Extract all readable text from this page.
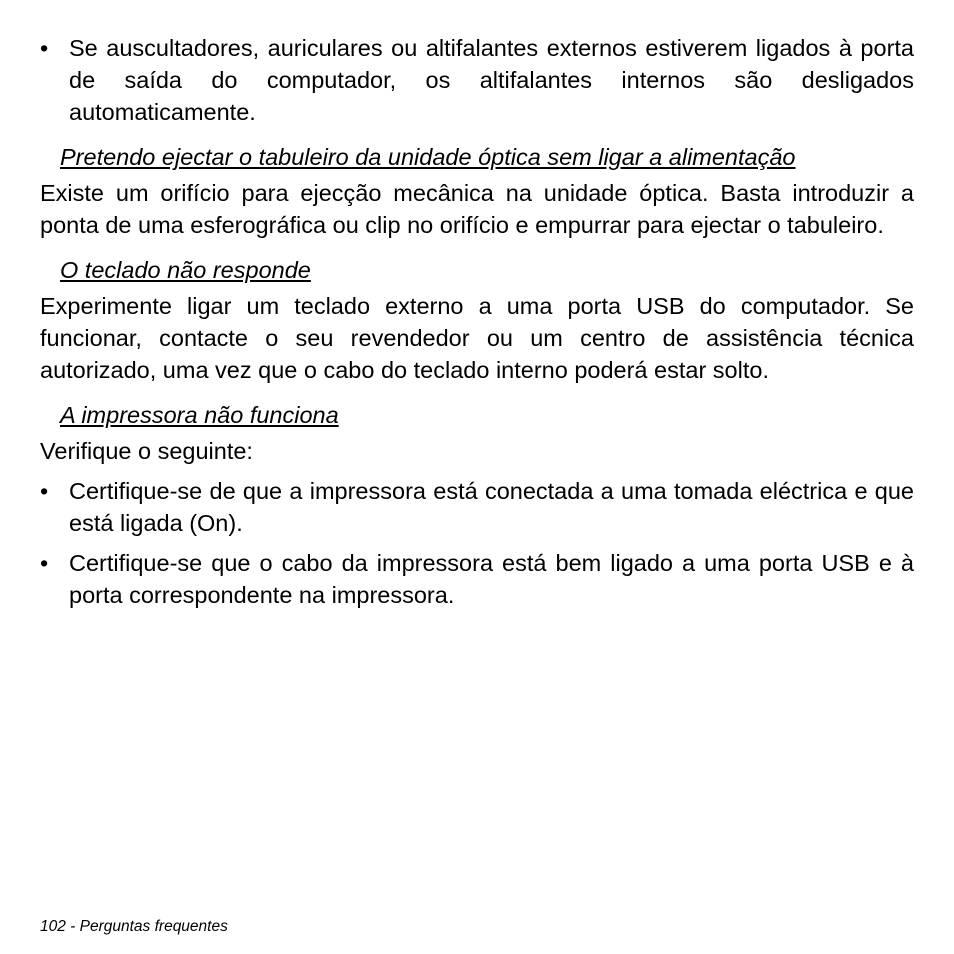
• Se auscultadores, auriculares ou altifalantes externos estiverem ligados à porta de saída do computador, os altifalantes internos são desligados automaticamente.
Pretendo ejectar o tabuleiro da unidade óptica sem ligar a alimentação

Existe um orifício para ejecção mecânica na unidade óptica. Basta introduzir a ponta de uma esferográfica ou clip no orifício e empurrar para ejectar o tabuleiro.

O teclado não responde

Experimente ligar um teclado externo a uma porta USB do computador. Se funcionar, contacte o seu revendedor ou um centro de assistência técnica autorizado, uma vez que o cabo do teclado interno poderá estar solto.

A impressora não funciona

Verifique o seguinte:

• Certifique-se de que a impressora está conectada a uma tomada eléctrica e que está ligada (On).
• Certifique-se que o cabo da impressora está bem ligado a uma porta USB e à porta correspondente na impressora.
102 - Perguntas frequentes
